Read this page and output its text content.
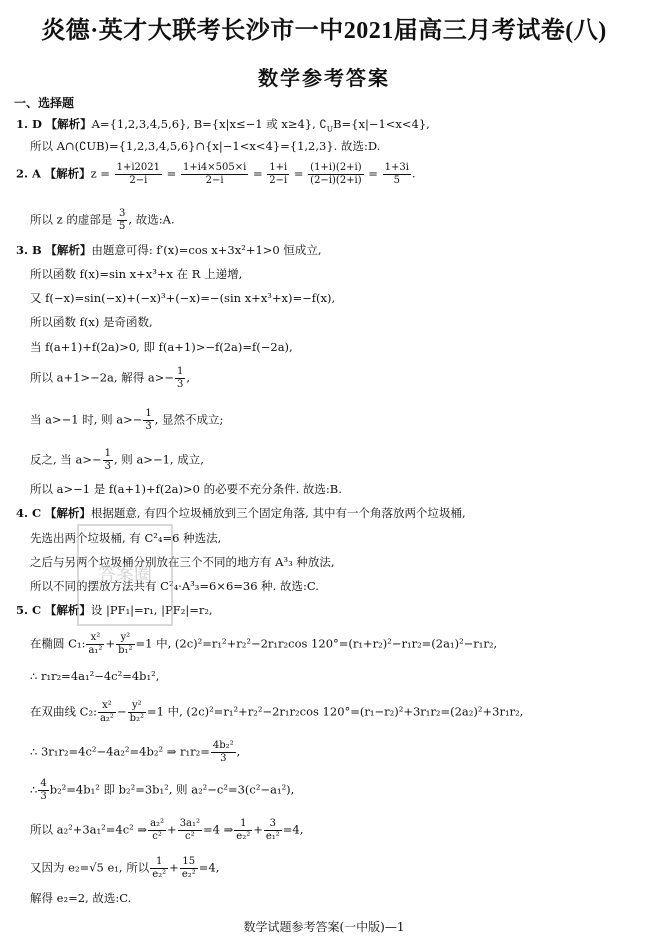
炎德·英才大联考长沙市一中2021届高三月考试卷(八)
数学参考答案
一、选择题
1. D 【解析】A={1,2,3,4,5,6}, B={x|x≤−1 或 x≥4}, $∁_UB=\{x|-1<x<4\}$,
所以 A∩(∁UB)={1,2,3,4,5,6}∩{x|−1<x<4}={1,2,3}. 故选:D.
2. A 【解析】$z = \frac{1+i2021}{2-i} = \frac{1+i4\times 505\times i}{2-i} = \frac{1+i}{2-i} = \frac{(1+i)(2+i)}{(2-i)(2+i)} = \frac{1+3i}{5}$ .
所以 z 的虚部是 $\frac{3}{5}$ , 故选:A.
3. B 【解析】由题意可得: f′(x)=cos x+3x²+1>0 恒成立,
所以函数 f(x)=sin x+x³+x 在 R 上递增,
又 f(−x)=sin(−x)+(−x)³+(−x)=−(sin x+x³+x)=−f(x),
所以函数 f(x) 是奇函数,
当 f(a+1)+f(2a)>0, 即 f(a+1)>−f(2a)=f(−2a),
所以 a+1>−2a, 解得 $a>- \frac{1}{3}$ ,
当 a>−1 时, 则 $a>- \frac{1}{3}$ , 显然不成立;
反之, 当 $a>- \frac{1}{3}$ , 则 a>−1, 成立,
所以 a>−1 是 f(a+1)+f(2a)>0 的必要不充分条件. 故选:B.
4. C 【解析】根据题意, 有四个垃圾桶放到三个固定角落, 其中有一个角落放两个垃圾桶,
先选出两个垃圾桶, 有 C²₄=6 种选法,
之后与另两个垃圾桶分别放在三个不同的地方有 A³₃ 种放法,
所以不同的摆放方法共有 C²₄·A³₃=6×6=36 种. 故选:C.
5. C 【解析】设 |PF₁|=r₁, |PF₂|=r₂,
在椭圆 C₁: $\frac{\text{x²}}{\text{a₁²}} + \frac{\text{y²}}{\text{b₁²}} =1$ 中, (2c)²=r₁²+r₂²−2r₁r₂cos 120°=(r₁+r₂)²−r₁r₂=(2a₁)²−r₁r₂,
∴ r₁r₂=4a₁²−4c²=4b₁²,
在双曲线 C₂: $\frac{\text{x²}}{\text{a₂²}} - \frac{\text{y²}}{\text{b₂²}} =1$ 中, (2c)²=r₁²+r₂²−2r₁r₂cos 120°=(r₁−r₂)²+3r₁r₂=(2a₂)²+3r₁r₂,
∴ 3r₁r₂=4c²−4a₂²=4b₂² ⇒ $r_1r_2= \frac{\text{4b₂²}}{3}$ ,
∴ $\frac{4}{3} b_2^2=4b_1^2$ 即 b₂²=3b₁², 则 a₂²−c²=3(c²−a₁²),
所以 a₂²+3a₁²=4c² ⇒ $\frac{\text{a₂²}}{\text{c²}} + \frac{\text{3a₁²}}{\text{c²}} =4$ ⇒ $\frac{1}{\text{e₂²}} + \frac{3}{\text{e₁²}} =4$,
又因为 e₂=√5 e₁, 所以 $\frac{1}{\text{e₂²}} + \frac{15}{\text{e₂²}} =4$,
解得 e₂=2, 故选:C.
答案圈
数学试题参考答案(一中版)—1
